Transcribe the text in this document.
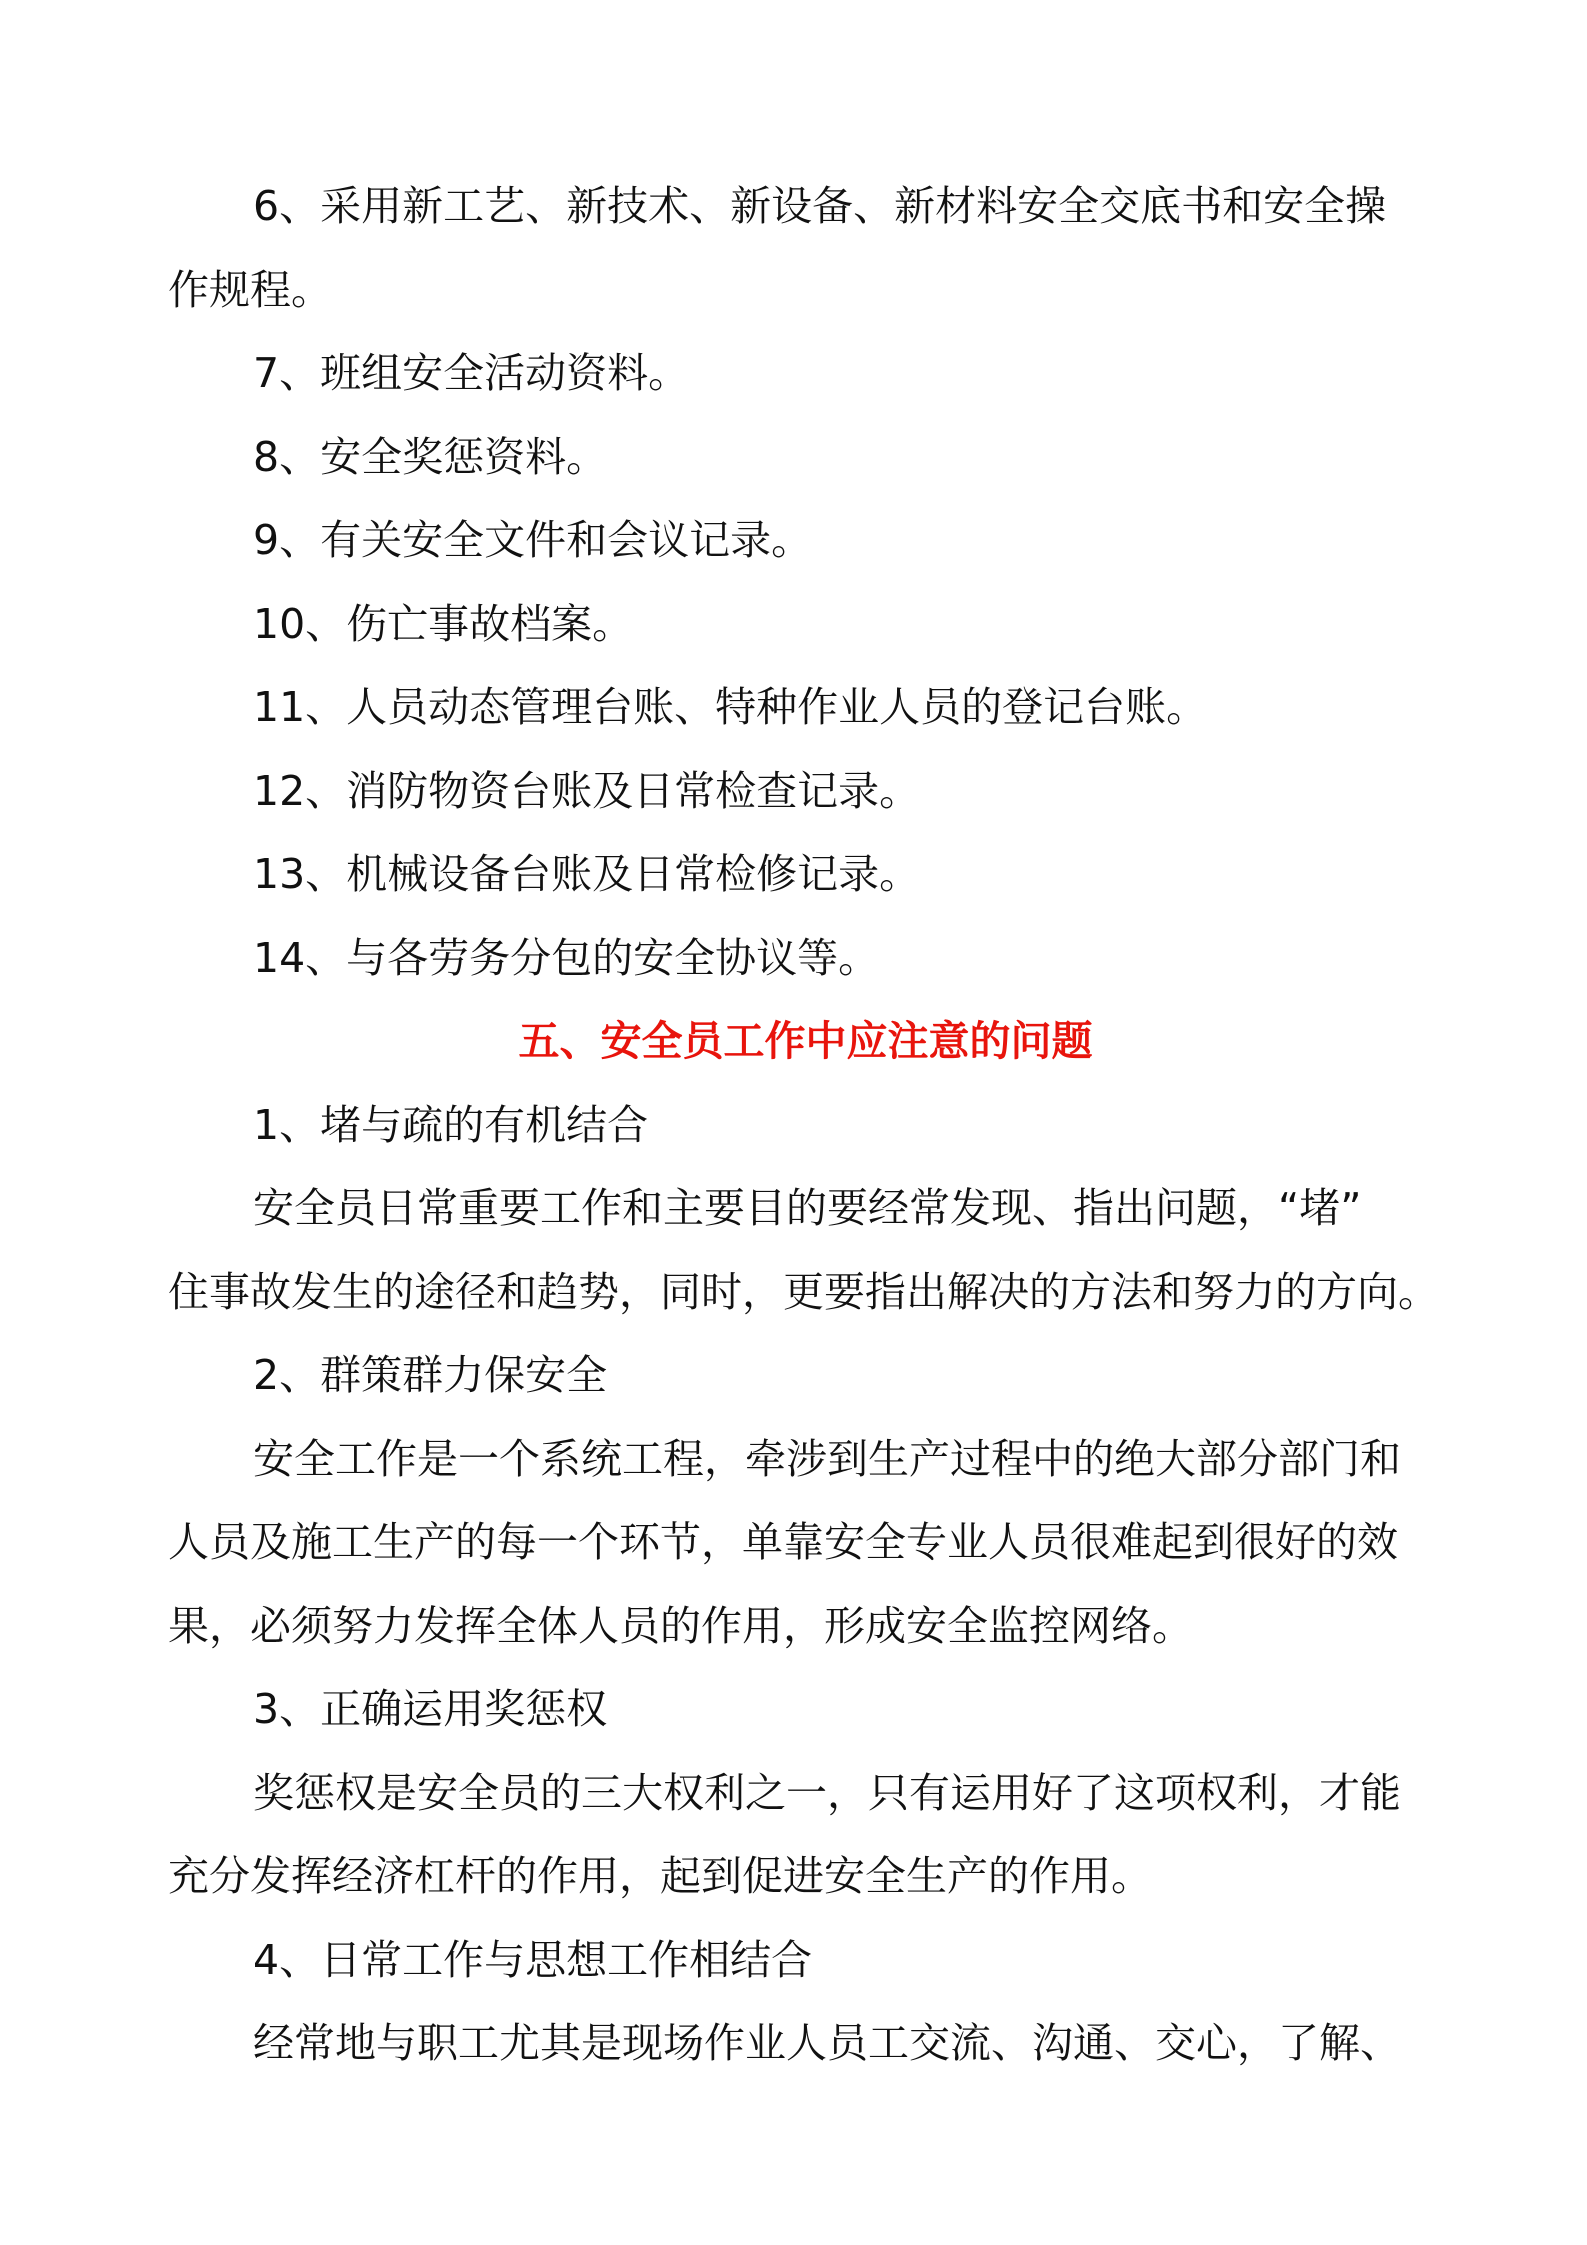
6、采用新工艺、新技术、新设备、新材料安全交底书和安全操
作规程。
7、班组安全活动资料。
8、安全奖惩资料。
9、有关安全文件和会议记录。
10、伤亡事故档案。
11、人员动态管理台账、特种作业人员的登记台账。
12、消防物资台账及日常检查记录。
13、机械设备台账及日常检修记录。
14、与各劳务分包的安全协议等。
五、安全员工作中应注意的问题
1、堵与疏的有机结合
安全员日常重要工作和主要目的要经常发现、指出问题，“堵”
住事故发生的途径和趋势，同时，更要指出解决的方法和努力的方向。
2、群策群力保安全
安全工作是一个系统工程，牵涉到生产过程中的绝大部分部门和
人员及施工生产的每一个环节，单靠安全专业人员很难起到很好的效
果，必须努力发挥全体人员的作用，形成安全监控网络。
3、正确运用奖惩权
奖惩权是安全员的三大权利之一，只有运用好了这项权利，才能
充分发挥经济杠杆的作用，起到促进安全生产的作用。
4、日常工作与思想工作相结合
经常地与职工尤其是现场作业人员工交流、沟通、交心，了解、
